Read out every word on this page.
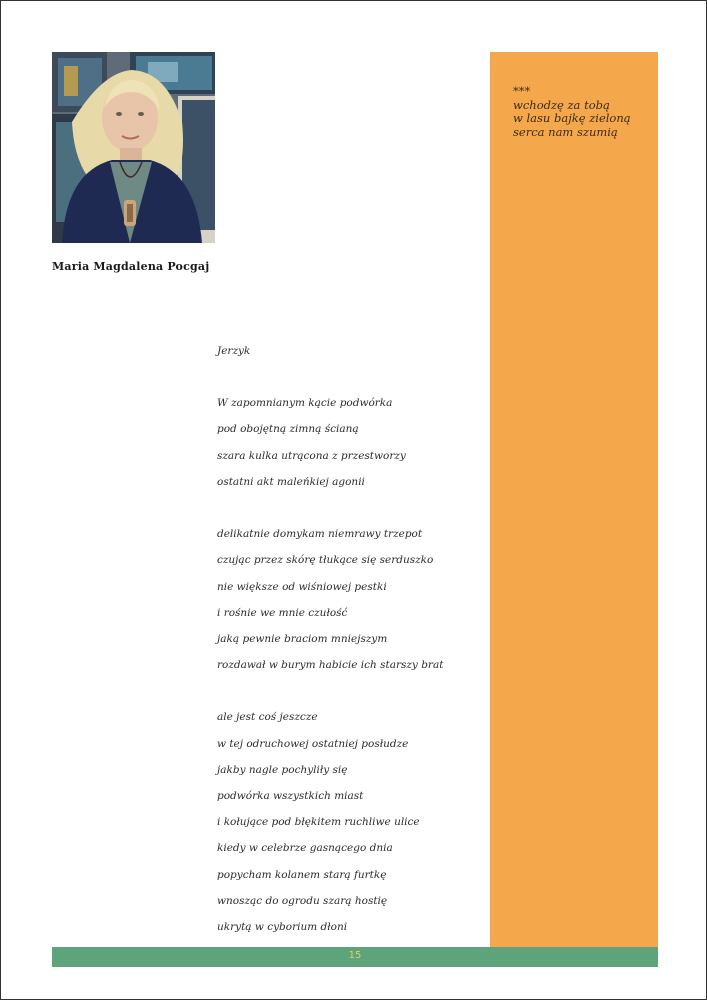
Maria Magdalena Pocgaj
***
wchodzę za tobą
w lasu bajkę zieloną
serca nam szumią
Jerzyk
W zapomnianym kącie podwórka
pod obojętną zimną ścianą
szara kulka utrącona z przestworzy
ostatni akt maleńkiej agonii
delikatnie domykam niemrawy trzepot
czując przez skórę tłukące się serduszko
nie większe od wiśniowej pestki
i rośnie we mnie czułość
jaką pewnie braciom mniejszym
rozdawał w burym habicie ich starszy brat
ale jest coś jeszcze
w tej odruchowej ostatniej posłudze
jakby nagle pochyliły się
podwórka wszystkich miast
i kołujące pod błękitem ruchliwe ulice
kiedy w celebrze gasnącego dnia
popycham kolanem starą furtkę
wnosząc do ogrodu szarą hostię
ukrytą w cyborium dłoni
15
